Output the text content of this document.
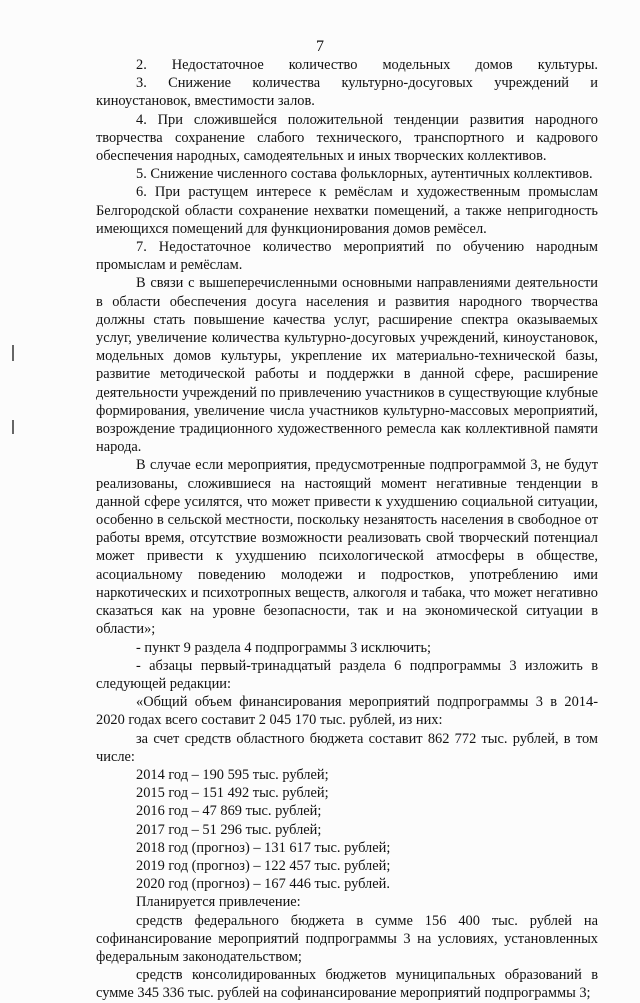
7

2. Недостаточное количество модельных домов культуры.

3. Снижение количества культурно-досуговых учреждений и киноустановок, вместимости залов.

4. При сложившейся положительной тенденции развития народного творчества сохранение слабого технического, транспортного и кадрового обеспечения народных, самодеятельных и иных творческих коллективов.

5. Снижение численного состава фольклорных, аутентичных коллективов.

6. При растущем интересе к ремёслам и художественным промыслам Белгородской области сохранение нехватки помещений, а также непригодность имеющихся помещений для функционирования домов ремёсел.

7. Недостаточное количество мероприятий по обучению народным промыслам и ремёслам.

В связи с вышеперечисленными основными направлениями деятельности в области обеспечения досуга населения и развития народного творчества должны стать повышение качества услуг, расширение спектра оказываемых услуг, увеличение количества культурно-досуговых учреждений, киноустановок, модельных домов культуры, укрепление их материально-технической базы, развитие методической работы и поддержки в данной сфере, расширение деятельности учреждений по привлечению участников в существующие клубные формирования, увеличение числа участников культурно-массовых мероприятий, возрождение традиционного художественного ремесла как коллективной памяти народа.

В случае если мероприятия, предусмотренные подпрограммой 3, не будут реализованы, сложившиеся на настоящий момент негативные тенденции в данной сфере усилятся, что может привести к ухудшению социальной ситуации, особенно в сельской местности, поскольку незанятость населения в свободное от работы время, отсутствие возможности реализовать свой творческий потенциал может привести к ухудшению психологической атмосферы в обществе, асоциальному поведению молодежи и подростков, употреблению ими наркотических и психотропных веществ, алкоголя и табака, что может негативно сказаться как на уровне безопасности, так и на экономической ситуации в области»;

- пункт 9 раздела 4 подпрограммы 3 исключить;

- абзацы первый-тринадцатый раздела 6 подпрограммы 3 изложить в следующей редакции:

«Общий объем финансирования мероприятий подпрограммы 3 в 2014-2020 годах всего составит 2 045 170 тыс. рублей, из них:

за счет средств областного бюджета составит 862 772 тыс. рублей, в том числе:

2014 год – 190 595 тыс. рублей;

2015 год – 151 492 тыс. рублей;

2016 год – 47 869 тыс. рублей;

2017 год – 51 296 тыс. рублей;

2018 год (прогноз) – 131 617 тыс. рублей;

2019 год (прогноз) – 122 457 тыс. рублей;

2020 год (прогноз) – 167 446 тыс. рублей.

Планируется привлечение:

средств федерального бюджета в сумме 156 400 тыс. рублей на софинансирование мероприятий подпрограммы 3 на условиях, установленных федеральным законодательством;

средств консолидированных бюджетов муниципальных образований в сумме 345 336 тыс. рублей на софинансирование мероприятий подпрограммы 3;
